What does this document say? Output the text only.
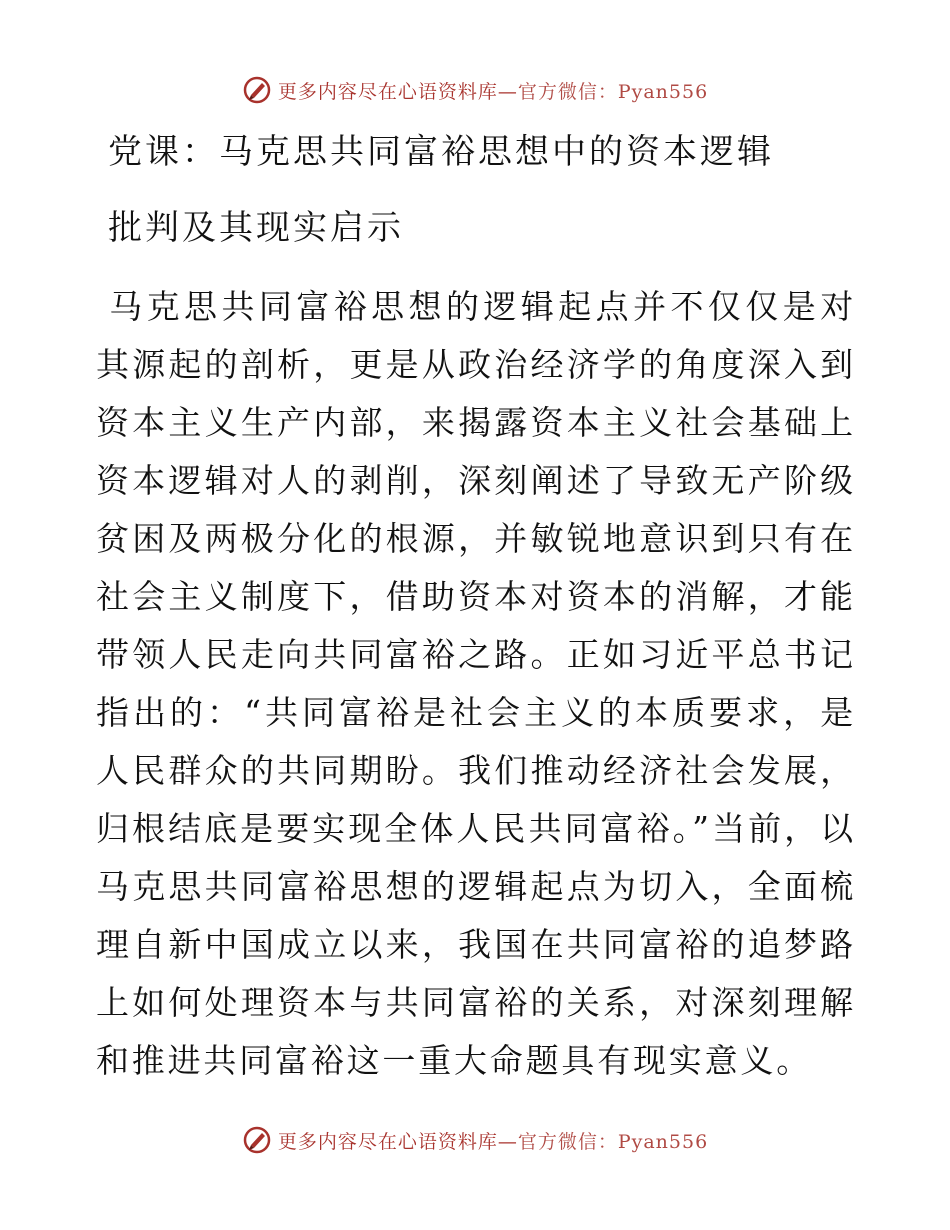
更多内容尽在心语资料库—官方微信：Pyan556

党课：马克思共同富裕思想中的资本逻辑

批判及其现实启示

马克思共同富裕思想的逻辑起点并不仅仅是对其源起的剖析，更是从政治经济学的角度深入到资本主义生产内部，来揭露资本主义社会基础上资本逻辑对人的剥削，深刻阐述了导致无产阶级贫困及两极分化的根源，并敏锐地意识到只有在社会主义制度下，借助资本对资本的消解，才能带领人民走向共同富裕之路。正如习近平总书记指出的：“共同富裕是社会主义的本质要求，是人民群众的共同期盼。我们推动经济社会发展，归根结底是要实现全体人民共同富裕。”当前，以马克思共同富裕思想的逻辑起点为切入，全面梳理自新中国成立以来，我国在共同富裕的追梦路上如何处理资本与共同富裕的关系，对深刻理解和推进共同富裕这一重大命题具有现实意义。
更多内容尽在心语资料库—官方微信：Pyan556
